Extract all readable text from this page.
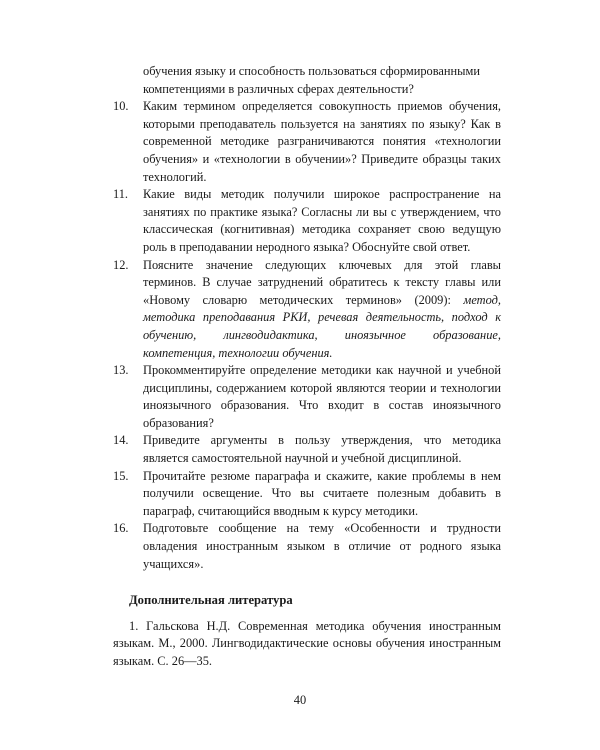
обучения языку и способность пользоваться сформированными компетенциями в различных сферах деятельности?

10. Каким термином определяется совокупность приемов обучения, которыми преподаватель пользуется на занятиях по языку? Как в современной методике разграничиваются понятия «технологии обучения» и «технологии в обучении»? Приведите образцы таких технологий.
11. Какие виды методик получили широкое распространение на занятиях по практике языка? Согласны ли вы с утверждением, что классическая (когнитивная) методика сохраняет свою ведущую роль в преподавании неродного языка? Обоснуйте свой ответ.
12. Поясните значение следующих ключевых для этой главы терминов. В случае затруднений обратитесь к тексту главы или «Новому словарю методических терминов» (2009): метод, методика преподавания РКИ, речевая деятельность, подход к обучению, лингводидактика, иноязычное образование, компетенция, технологии обучения.
13. Прокомментируйте определение методики как научной и учебной дисциплины, содержанием которой являются теории и технологии иноязычного образования. Что входит в состав иноязычного образования?
14. Приведите аргументы в пользу утверждения, что методика является самостоятельной научной и учебной дисциплиной.
15. Прочитайте резюме параграфа и скажите, какие проблемы в нем получили освещение. Что вы считаете полезным добавить в параграф, считающийся вводным к курсу методики.
16. Подготовьте сообщение на тему «Особенности и трудности овладения иностранным языком в отличие от родного языка учащихся».
Дополнительная литература

1. Гальскова Н.Д. Современная методика обучения иностранным языкам. М., 2000. Лингводидактические основы обучения иностранным языкам. С. 26—35.

40
